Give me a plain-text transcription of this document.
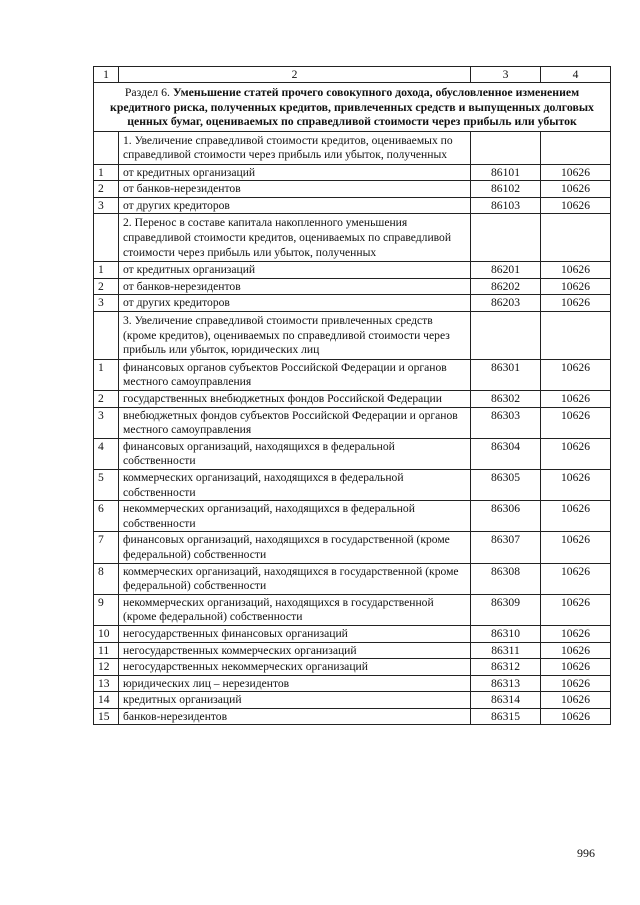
1	2	3	4
Раздел 6. Уменьшение статей прочего совокупного дохода, обусловленное изменением кредитного риска, полученных кредитов, привлеченных средств и выпущенных долговых ценных бумаг, оцениваемых по справедливой стоимости через прибыль или убыток			
	1. Увеличение справедливой стоимости кредитов, оцениваемых по справедливой стоимости через прибыль или убыток, полученных		
1	от кредитных организаций	86101	10626
2	от банков-нерезидентов	86102	10626
3	от других кредиторов	86103	10626
	2. Перенос в составе капитала накопленного уменьшения справедливой стоимости кредитов, оцениваемых по справедливой стоимости через прибыль или убыток, полученных		
1	от кредитных организаций	86201	10626
2	от банков-нерезидентов	86202	10626
3	от других кредиторов	86203	10626
	3. Увеличение справедливой стоимости привлеченных средств (кроме кредитов), оцениваемых по справедливой стоимости через прибыль или убыток, юридических лиц		
1	финансовых органов субъектов Российской Федерации и органов местного самоуправления	86301	10626
2	государственных внебюджетных фондов Российской Федерации	86302	10626
3	внебюджетных фондов субъектов Российской Федерации и органов местного самоуправления	86303	10626
4	финансовых организаций, находящихся в федеральной собственности	86304	10626
5	коммерческих организаций, находящихся в федеральной собственности	86305	10626
6	некоммерческих организаций, находящихся в федеральной собственности	86306	10626
7	финансовых организаций, находящихся в государственной (кроме федеральной) собственности	86307	10626
8	коммерческих организаций, находящихся в государственной (кроме федеральной) собственности	86308	10626
9	некоммерческих организаций, находящихся в государственной (кроме федеральной) собственности	86309	10626
10	негосударственных финансовых организаций	86310	10626
11	негосударственных коммерческих организаций	86311	10626
12	негосударственных некоммерческих организаций	86312	10626
13	юридических лиц – нерезидентов	86313	10626
14	кредитных организаций	86314	10626
15	банков-нерезидентов	86315	10626
996
